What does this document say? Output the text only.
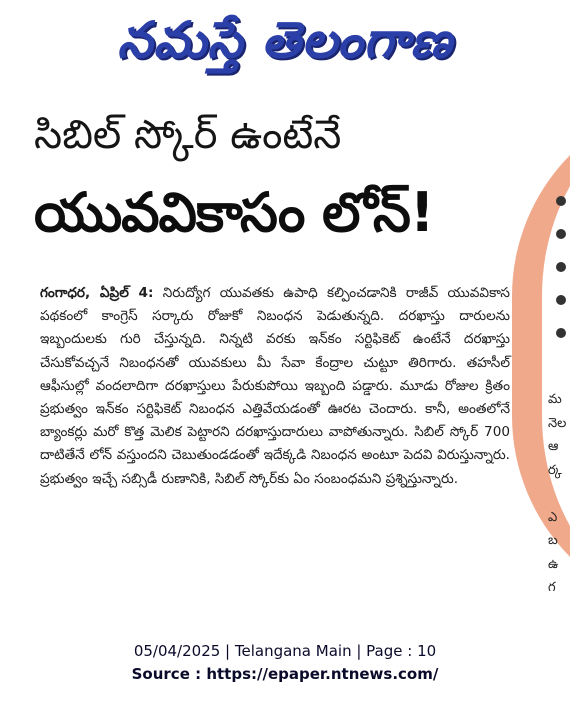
నమస్తే తెలంగాణ
సిబిల్ స్కోర్ ఉంటేనే
యువవికాసం లోన్!
గంగాధర, ఏప్రిల్ 4: నిరుద్యోగ యువతకు ఉపాధి కల్పించడానికి రాజీవ్ యువవికాస పథకంలో కాంగ్రెస్ సర్కారు రోజుకో నిబంధన పెడుతున్నది. దరఖాస్తు దారులను ఇబ్బందులకు గురి చేస్తున్నది. నిన్నటి వరకు ఇన్‌కం సర్టిఫికెట్ ఉంటేనే దరఖాస్తు చేసుకోవచ్చనే నిబంధనతో యువకులు మీ సేవా కేంద్రాల చుట్టూ తిరిగారు. తహసీల్ ఆఫీసుల్లో వందలాదిగా దరఖాస్తులు పేరుకుపోయి ఇబ్బంది పడ్డారు. మూడు రోజుల క్రితం ప్రభుత్వం ఇన్‌కం సర్టిఫికెట్ నిబంధన ఎత్తివేయడంతో ఊరట చెందారు. కానీ, అంతలోనే బ్యాంకర్లు మరో కొత్త మెలిక పెట్టారని దరఖాస్తుదారులు వాపోతున్నారు. సిబిల్ స్కోర్ 700 దాటితేనే లోన్ వస్తుందని చెబుతుండడంతో ఇదేక్కడి నిబంధన అంటూ పెదవి విరుస్తున్నారు. ప్రభుత్వం ఇచ్చే సబ్సిడీ రుణానికి, సిబిల్ స్కోర్‌కు ఏం సంబంధమని ప్రశ్నిస్తున్నారు.
మ
నెల
ఆ
ర్క
ఎ
బ
ఉ
గ
05/04/2025 | Telangana Main | Page : 10
Source : https://epaper.ntnews.com/
